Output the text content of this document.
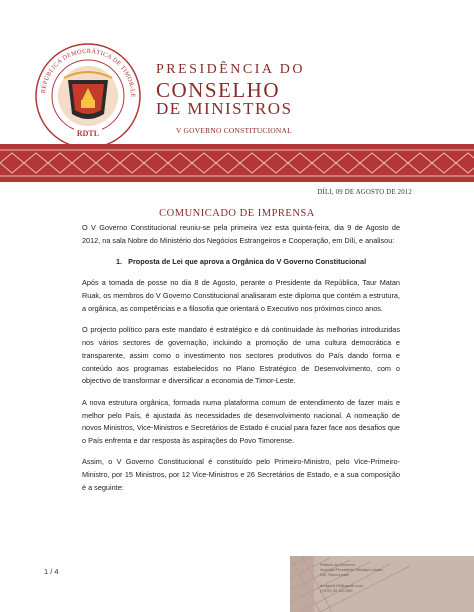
REPÚBLICA DEMOCRÁTICA DE TIMOR-LE
RDTL
PRESIDÊNCIA DO
CONSELHO
DE MINISTROS
V GOVERNO CONSTITUCIONAL
DÍLI, 09 DE AGOSTO DE 2012
COMUNICADO DE IMPRENSA

O V Governo Constitucional reuniu-se pela primeira vez esta quinta-feira, dia 9 de Agosto de 2012, na sala Nobre do Ministério dos Negócios Estrangeiros e Cooperação, em Díli, e analisou:

1. Proposta de Lei que aprova a Orgânica do V Governo Constitucional

Após a tomada de posse no dia 8 de Agosto, perante o Presidente da República, Taur Matan Ruak, os membros do V Governo Constitucional analisaram este diploma que contém a estrutura, a orgânica, as competências e a filosofia que orientará o Executivo nos próximos cinco anos.

O projecto político para este mandato é estratégico e dá continuidade às melhorias introduzidas nos vários sectores de governação, incluindo a promoção de uma cultura democrática e transparente, assim como o investimento nos sectores produtivos do País dando forma e conteúdo aos programas estabelecidos no Plano Estratégico de Desenvolvimento, com o objectivo de transformar e diversificar a economia de Timor-Leste.

A nova estrutura orgânica, formada numa plataforma comum de entendimento de fazer mais e melhor pelo País, é ajustada às necessidades de desenvolvimento nacional. A nomeação de novos Ministros, Vice-Ministros e Secretários de Estado é crucial para fazer face aos desafios que o País enfrenta e dar resposta às aspirações do Povo Timorense.

Assim, o V Governo Constitucional é constituído pelo Primeiro-Ministro, pelo Vice-Primeiro-Ministro, por 15 Ministros, por 12 Vice-Ministros e 26 Secretários de Estado, e a sua composição é a seguinte:

1 / 4
Palácio do Governo
Avenida Presidente Nicolau Lobato
Dili, Timor-Leste
dndgovtl.09@gmail.com
(+670) 33 110 000
